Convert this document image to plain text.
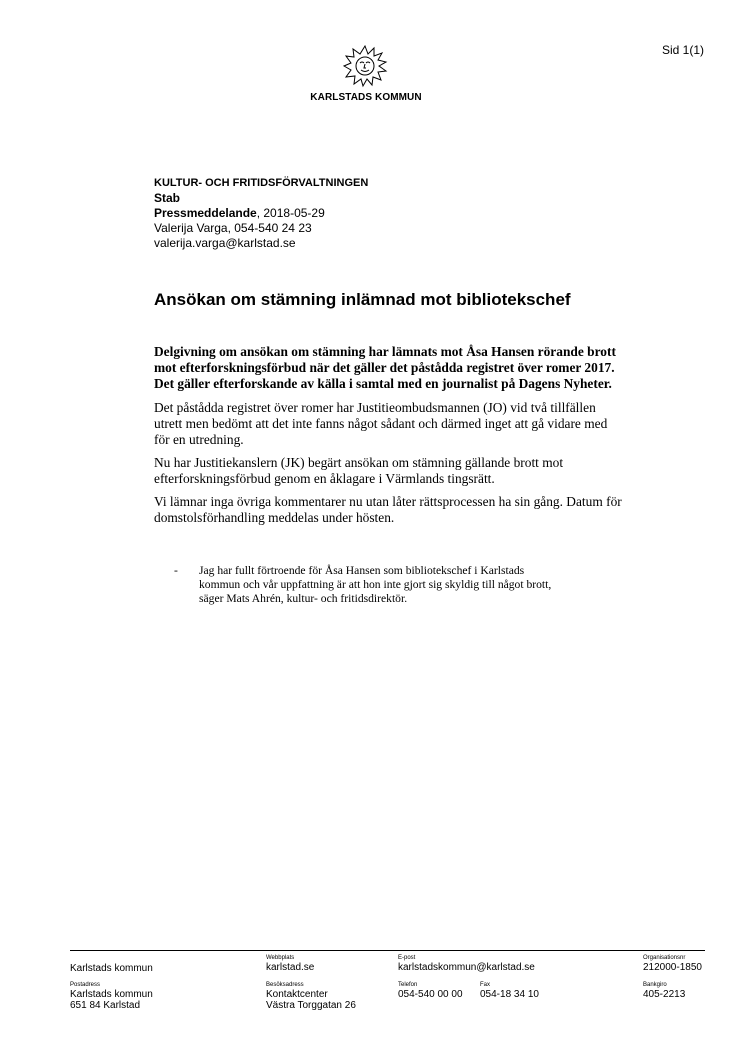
Sid 1(1)
KARLSTADS KOMMUN
KULTUR- OCH FRITIDSFÖRVALTNINGEN
Stab
Pressmeddelande, 2018-05-29
Valerija Varga, 054-540 24 23
valerija.varga@karlstad.se
Ansökan om stämning inlämnad mot bibliotekschef

Delgivning om ansökan om stämning har lämnats mot Åsa Hansen rörande brott mot efterforskningsförbud när det gäller det påstådda registret över romer 2017. Det gäller efterforskande av källa i samtal med en journalist på Dagens Nyheter.

Det påstådda registret över romer har Justitieombudsmannen (JO) vid två tillfällen utrett men bedömt att det inte fanns något sådant och därmed inget att gå vidare med för en utredning.

Nu har Justitiekanslern (JK) begärt ansökan om stämning gällande brott mot efterforskningsförbud genom en åklagare i Värmlands tingsrätt.

Vi lämnar inga övriga kommentarer nu utan låter rättsprocessen ha sin gång. Datum för domstolsförhandling meddelas under hösten.

- Jag har fullt förtroende för Åsa Hansen som bibliotekschef i Karlstads kommun och vår uppfattning är att hon inte gjort sig skyldig till något brott, säger Mats Ahrén, kultur- och fritidsdirektör.
Karlstads kommun
Webbplats
karlstad.se
E-post
karlstadskommun@karlstad.se
Organisationsnr
212000-1850
Postadress
Karlstads kommun
651 84 Karlstad
Besöksadress
Kontaktcenter
Västra Torggatan 26
Telefon
054-540 00 00
Fax
054-18 34 10
Bankgiro
405-2213
